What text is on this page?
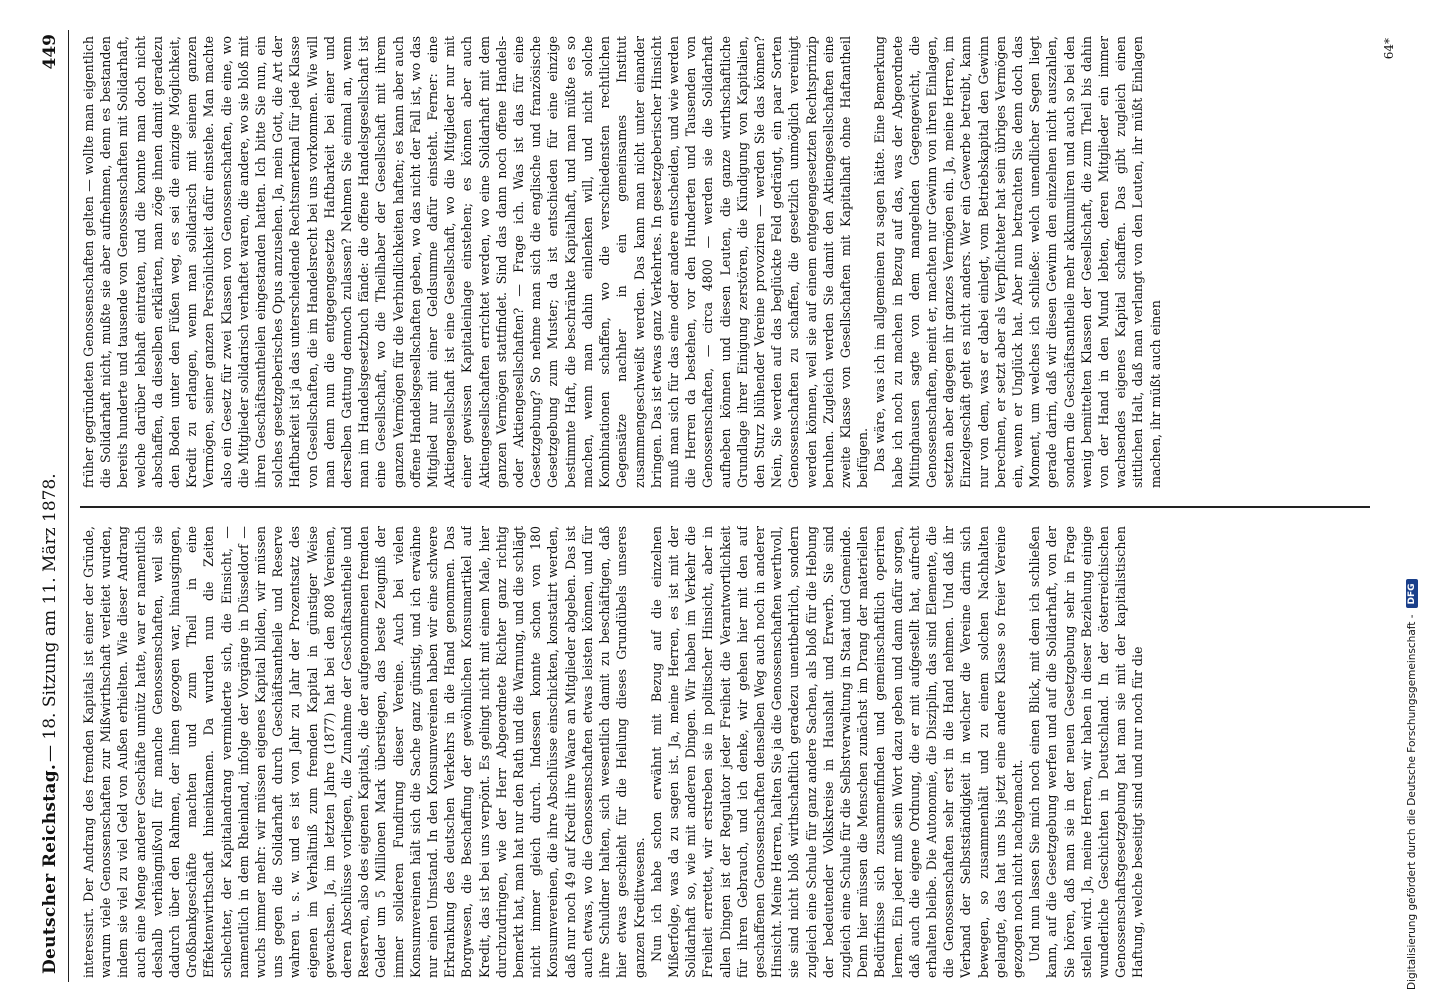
Deutscher Reichstag.
— 18. Sitzung am 11. März 1878.
449

interessirt. Der Andrang des fremden Kapitals ist einer der Gründe, warum viele Genossenschaften zur Mißwirthschaft verleitet wurden, indem sie viel zu viel Geld von Außen erhielten. Wie dieser Andrang auch eine Menge anderer Geschäfte unnütz hatte, war er namentlich deshalb verhängnißvoll für manche Genossenschaften, weil sie dadurch über den Rahmen, der ihnen gezogen war, hinausgingen, Großbankgeschäfte machten und zum Theil in eine Effektenwirthschaft hineinkamen. Da wurden nun die Zeiten schlechter, der Kapitalandrang verminderte sich, die Einsicht, — namentlich in dem Rheinland, infolge der Vorgänge in Düsseldorf — wuchs immer mehr: wir müssen eigenes Kapital bilden, wir müssen uns gegen die Solidarhaft durch Geschäftsantheile und Reserve wahren u. s. w. und es ist von Jahr zu Jahr der Prozentsatz des eigenen im Verhältniß zum fremden Kapital in günstiger Weise gewachsen. Ja, im letzten Jahre (1877) hat bei den 808 Vereinen, deren Abschlüsse vorliegen, die Zunahme der Geschäftsantheile und Reserven, also des eigenen Kapitals, die der aufgenommenen fremden Gelder um 5 Millionen Mark überstiegen, das beste Zeugniß der immer solideren Fundirung dieser Vereine. Auch bei vielen Konsumvereinen hält sich die Sache ganz günstig, und ich erwähne nur einen Umstand. In den Konsumvereinen haben wir eine schwere Erkrankung des deutschen Verkehrs in die Hand genommen. Das Borgwesen, die Beschaffung der gewöhnlichen Konsumartikel auf Kredit, das ist bei uns verpönt. Es gelingt nicht mit einem Male, hier durchzudringen, wie der Herr Abgeordnete Richter ganz richtig bemerkt hat, man hat nur den Rath und die Warnung, und die schlägt nicht immer gleich durch. Indessen konnte schon von 180 Konsumvereinen, die ihre Abschlüsse einschickten, konstatirt werden, daß nur noch 49 auf Kredit ihre Waare an Mitglieder abgeben. Das ist auch etwas, wo die Genossenschaften etwas leisten können, und für ihre Schuldner halten, sich wesentlich damit zu beschäftigen, daß hier etwas geschieht für die Heilung dieses Grundübels unseres ganzen Kreditwesens. Nun ich habe schon erwähnt mit Bezug auf die einzelnen Mißerfolge, was da zu sagen ist. Ja, meine Herren, es ist mit der Solidarhaft so, wie mit anderen Dingen. Wir haben im Verkehr die Freiheit errettet, wir erstreben sie in politischer Hinsicht, aber in allen Dingen ist der Regulator jeder Freiheit die Verantwortlichkeit für ihren Gebrauch, und ich denke, wir gehen hier mit den auf geschaffenen Genossenschaften denselben Weg auch noch in anderer Hinsicht. Meine Herren, halten Sie ja die Genossenschaften werthvoll, sie sind nicht bloß wirthschaftlich geradezu unentbehrlich, sondern zugleich eine Schule für ganz andere Sachen, als bloß für die Hebung der bedeutender Volkskreise in Haushalt und Erwerb. Sie sind zugleich eine Schule für die Selbstverwaltung in Staat und Gemeinde. Denn hier müssen die Menschen zunächst im Drang der materiellen Bedürfnisse sich zusammenfinden und gemeinschaftlich operiren lernen. Ein jeder muß sein Wort dazu geben und dann dafür sorgen, daß auch die eigene Ordnung, die er mit aufgestellt hat, aufrecht erhalten bleibe. Die Autonomie, die Disziplin, das sind Elemente, die die Genossenschaften sehr erst in die Hand nehmen. Und daß ihr Verband der Selbstständigkeit in welcher die Vereine darin sich bewegen, so zusammenhält und zu einem solchen Nachhalten gelangte, das hat uns bis jetzt eine andere Klasse so freier Vereine gezogen noch nicht nachgemacht. Und nun lassen Sie mich noch einen Blick, mit dem ich schließen kann, auf die Gesetzgebung werfen und auf die Solidarhaft, von der Sie hören, daß man sie in der neuen Gesetzgebung sehr in Frage stellen wird. Ja, meine Herren, wir haben in dieser Beziehung einige wunderliche Geschichten in Deutschland. In der österreichischen Genossenschaftsgesetzgebung hat man sie mit der kapitalistischen Haftung, welche beseitigt sind und nur noch für die

früher gegründeten Genossenschaften gelten — wollte man eigentlich die Solidarhaft nicht, mußte sie aber aufnehmen, denn es bestanden bereits hunderte und tausende von Genossenschaften mit Solidarhaft, welche darüber lebhaft eintraten, und die konnte man doch nicht abschaffen, da dieselben erklärten, man zöge ihnen damit geradezu den Boden unter den Füßen weg, es sei die einzige Möglichkeit, Kredit zu erlangen, wenn man solidarisch mit seinem ganzen Vermögen, seiner ganzen Persönlichkeit dafür einstehe. Man machte also ein Gesetz für zwei Klassen von Genossenschaften, die eine, wo die Mitglieder solidarisch verhaftet waren, die andere, wo sie bloß mit ihren Geschäftsantheilen eingestanden hatten. Ich bitte Sie nun, ein solches gesetzgeberisches Opus anzusehen. Ja, mein Gott, die Art der Haftbarkeit ist ja das unterscheidende Rechtsmerkmal für jede Klasse von Gesellschaften, die im Handelsrecht bei uns vorkommen. Wie will man denn nun die entgegengesetzte Haftbarkeit bei einer und derselben Gattung dennoch zulassen? Nehmen Sie einmal an, wenn man im Handelsgesetzbuch fände: die offene Handelsgesellschaft ist eine Gesellschaft, wo die Theilhaber der Gesellschaft mit ihrem ganzen Vermögen für die Verbindlichkeiten haften; es kann aber auch offene Handelsgesellschaften geben, wo das nicht der Fall ist, wo das Mitglied nur mit einer Geldsumme dafür einsteht. Ferner: eine Aktiengesellschaft ist eine Gesellschaft, wo die Mitglieder nur mit einer gewissen Kapitaleinlage einstehen; es können aber auch Aktiengesellschaften errichtet werden, wo eine Solidarhaft mit dem ganzen Vermögen stattfindet. Sind das dann noch offene Handels- oder Aktiengesellschaften? — Frage ich. Was ist das für eine Gesetzgebung? So nehme man sich die englische und französische Gesetzgebung zum Muster; da ist entschieden für eine einzige bestimmte Haft, die beschränkte Kapitalhaft, und man müßte es so machen, wenn man dahin einlenken will, und nicht solche Kombinationen schaffen, wo die verschiedensten rechtlichen Gegensätze nachher in ein gemeinsames Institut zusammengeschweißt werden. Das kann man nicht unter einander bringen. Das ist etwas ganz Verkehrtes. In gesetzgeberischer Hinsicht muß man sich für das eine oder andere entscheiden, und wie werden die Herren da bestehen, vor den Hunderten und Tausenden von Genossenschaften, — circa 4800 — werden sie die Solidarhaft aufheben können und diesen Leuten, die ganze wirthschaftliche Grundlage ihrer Einigung zerstören, die Kündigung von Kapitalien, den Sturz blühender Vereine provoziren — werden Sie das können? Nein, Sie werden auf das beglückte Feld gedrängt, ein paar Sorten Genossenschaften zu schaffen, die gesetzlich unmöglich vereinigt werden können, weil sie auf einem entgegengesetzten Rechtsprinzip beruhen. Zugleich werden Sie damit den Aktiengesellschaften eine zweite Klasse von Gesellschaften mit Kapitalhaft ohne Haftantheil beifügen. Das wäre, was ich im allgemeinen zu sagen hätte. Eine Bemerkung habe ich noch zu machen in Bezug auf das, was der Abgeordnete Mitinghausen sagte von dem mangelnden Gegengewicht, die Genossenschaften, meint er, machten nur Gewinn von ihren Einlagen, setzten aber dagegen ihr ganzes Vermögen ein. Ja, meine Herren, im Einzelgeschäft geht es nicht anders. Wer ein Gewerbe betreibt, kann nur von dem, was er dabei einlegt, vom Betriebskapital den Gewinn berechnen, er setzt aber als Verpflichteter hat sein übriges Vermögen ein, wenn er Unglück hat. Aber nun betrachten Sie denn doch das Moment, um welches ich schließe: welch unendlicher Segen liegt gerade darin, daß wir diesen Gewinn den einzelnen nicht auszahlen, sondern die Geschäftsantheile mehr akkumuliren und auch so bei den wenig bemittelten Klassen der Gesellschaft, die zum Theil bis dahin von der Hand in den Mund lebten, deren Mitglieder ein immer wachsendes eigenes Kapital schaffen. Das gibt zugleich einen sittlichen Halt, daß man verlangt von den Leuten, ihr müßt Einlagen machen, ihr müßt auch einen

64*
Digitalisierung gefördert durch die Deutsche Forschungsgemeinschaft -
DFG
